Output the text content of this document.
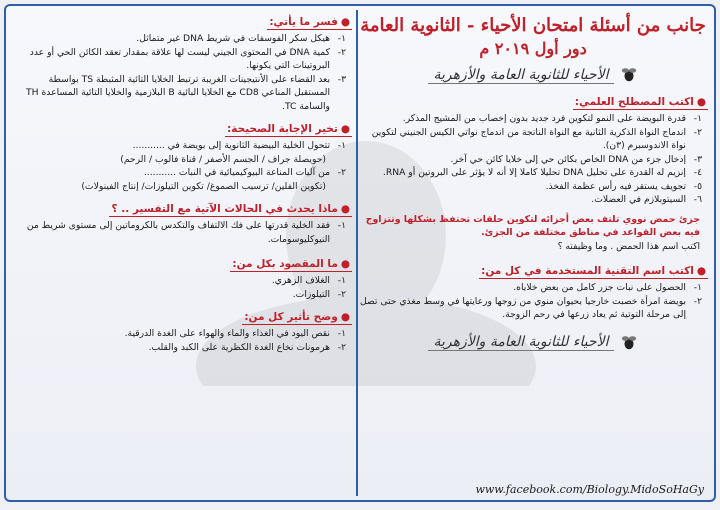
جانب من أسئلة امتحان الأحياء - الثانوية العامة
دور أول ٢٠١٩ م
الأحياء للثانوية العامة والأزهرية
●اكتب المصطلح العلمي:
١-
قدرة البويضة على النمو لتكوين فرد جديد بدون إخصاب من المشيج المذكر.
٢-
اندماج النواة الذكرية الثانية مع النواة الناتجة من اندماج نواتي الكيس الجنيني لتكوين نواة الاندوسبرم (٣ن).
٣-
إدخال جزء من DNA الخاص بكائن حي إلى خلايا كائن حي آخر.
٤-
إنزيم له القدرة على تحليل DNA تحليلا كاملا إلا أنه لا يؤثر على البروتين أو RNA.
٥-
تجويف يستقر فيه رأس عظمة الفخذ.
٦-
السيتوبلازم في العضلات.
جزئ حمض نووي تلتف بعض أجزائه لتكوين حلقات تحتفظ بشكلها وتتزاوج فيه بعض القواعد في مناطق مختلفة من الجزئ.
اكتب اسم هذا الحمض . وما وظيفته ؟
●اكتب اسم التقنية المستخدمة في كل من:
١-
الحصول على نبات جزر كامل من بعض خلاياه.
٢-
بويضة امرأة خصبت خارجيا بحيوان منوي من زوجها ورعايتها في وسط مغذي حتى تصل إلى مرحلة التوتية ثم يعاد زرعها في رحم الزوجة.
الأحياء للثانوية العامة والأزهرية
●فسر ما يأتي:
١-
هيكل سكر الفوسفات في شريط DNA غير متماثل.
٢-
كمية DNA في المحتوى الجيني ليست لها علاقة بمقدار تعقد الكائن الحي أو عدد البروتينات التي يكونها.
٣-
بعد القضاء على الأنتيجينات الغريبة ترتبط الخلايا التائية المثبطة TS بواسطة المستقبل المناعي CD8 مع الخلايا البائية B البلازمية والخلايا التائية المساعدة TH والسامة TC.
●تخير الإجابة الصحيحة:
١-
تتحول الخلية البيضية الثانوية إلى بويضة في ...........
(حويصلة جراف / الجسم الأصفر / قناة فالوب / الرحم)
٢-
من آليات المناعة البيوكيميائية في النبات ...........
(تكوين الفلين/ ترسيب الصموغ/ تكوين التيلوزات/ إنتاج الفينولات)
●ماذا يحدث في الحالات الآتية مع التفسير .. ؟
١-
فقد الخلية قدرتها على فك الالتفاف والتكدس بالكروماتين إلى مستوى شريط من النيوكليوسومات.
●ما المقصود بكل من:
١-
الغلاف الزهري.
٢-
التيلوزات.
●وضح تأثير كل من:
١-
نقص اليود في الغذاء والماء والهواء على الغدة الدرقية.
٢-
هرمونات نخاع الغدة الكظرية على الكبد والقلب.
www.facebook.com/Biology.MidoSoHaGy
